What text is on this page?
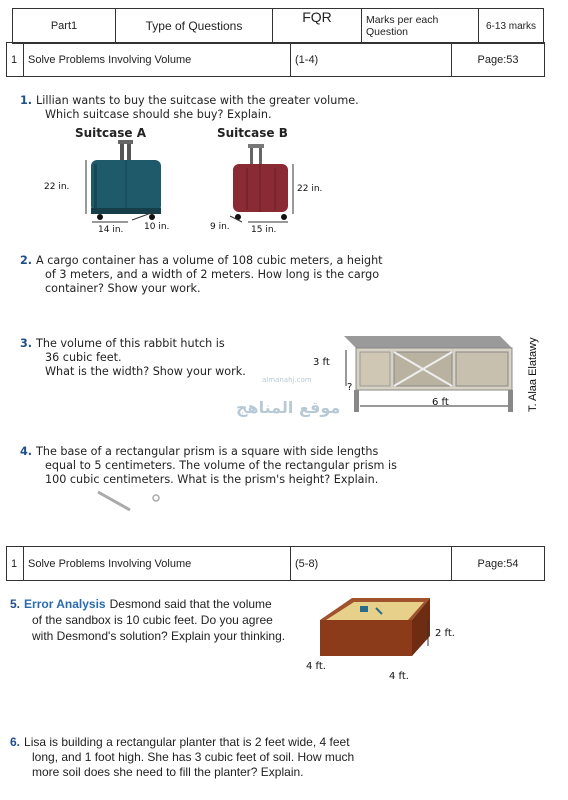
Part1	Type of Questions	FQR	Marks per each Question	6-13 marks
1	Solve Problems Involving Volume	(1-4)	Page:53
1. Lillian wants to buy the suitcase with the greater volume.
Which suitcase should she buy? Explain.
Suitcase A	Suitcase B
22 in.
14 in. 10 in.
22 in.
9 in. 15 in.
2. A cargo container has a volume of 108 cubic meters, a height
of 3 meters, and a width of 2 meters. How long is the cargo
container? Show your work.
3. The volume of this rabbit hutch is
36 cubic feet.
What is the width? Show your work.
3 ft
?
6 ft
almanahj.com
موقع المناهج	T. Alaa Elatawy
4. The base of a rectangular prism is a square with side lengths
equal to 5 centimeters. The volume of the rectangular prism is
100 cubic centimeters. What is the prism's height? Explain.
1	Solve Problems Involving Volume	(5-8)	Page:54
5. Error Analysis Desmond said that the volume
of the sandbox is 10 cubic feet. Do you agree
with Desmond's solution? Explain your thinking.	2 ft.
4 ft.
4 ft.
6. Lisa is building a rectangular planter that is 2 feet wide, 4 feet
long, and 1 foot high. She has 3 cubic feet of soil. How much
more soil does she need to fill the planter? Explain.
